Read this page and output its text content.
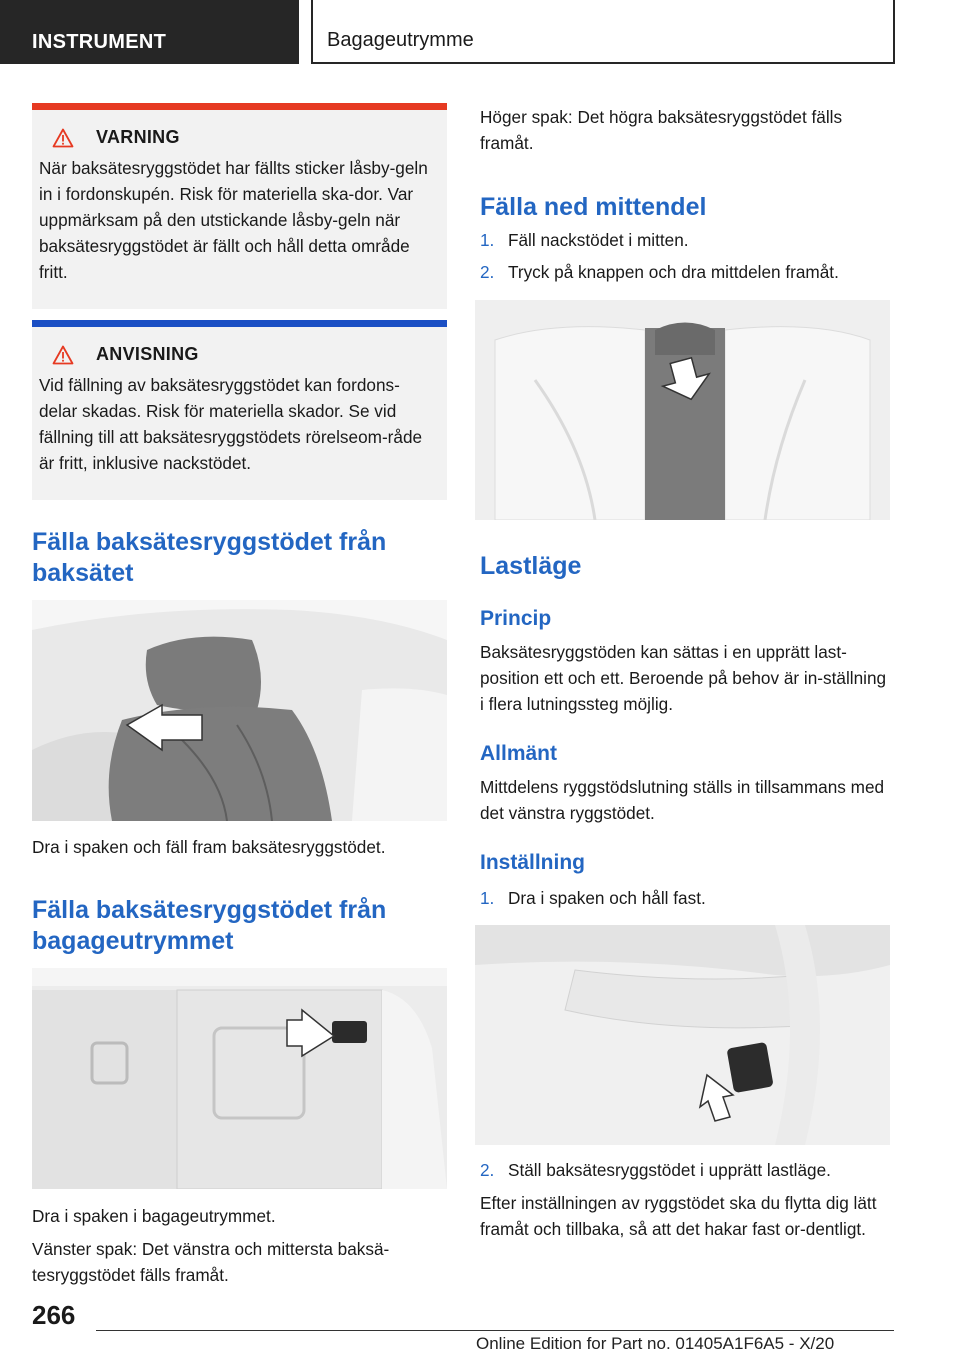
INSTRUMENT	Bagageutrymme
VARNING

När baksätesryggstödet har fällts sticker låsby-geln in i fordonskupén. Risk för materiella ska-dor. Var uppmärksam på den utstickande låsby-geln när baksätesryggstödet är fällt och håll detta område fritt.

ANVISNING

Vid fällning av baksätesryggstödet kan fordons-delar skadas. Risk för materiella skador. Se vid fällning till att baksätesryggstödets rörelseom-råde är fritt, inklusive nackstödet.

Fälla baksätesryggstödet från baksätet
Dra i spaken och fäll fram baksätesryggstödet.
Fälla baksätesryggstödet från bagageutrymmet
Dra i spaken i bagageutrymmet.
Vänster spak: Det vänstra och mittersta baksä-tesryggstödet fälls framåt.
Höger spak: Det högra baksätesryggstödet fälls framåt.
Fälla ned mittendel
1. Fäll nackstödet i mitten.
2. Tryck på knappen och dra mittdelen framåt.
Lastläge
Princip
Baksätesryggstöden kan sättas i en upprätt last-position ett och ett. Beroende på behov är in-ställning i flera lutningssteg möjlig.
Allmänt
Mittdelens ryggstödslutning ställs in tillsammans med det vänstra ryggstödet.
Inställning
1. Dra i spaken och håll fast.
2. Ställ baksätesryggstödet i upprätt lastläge.
Efter inställningen av ryggstödet ska du flytta dig lätt framåt och tillbaka, så att det hakar fast or-dentligt.
266
Online Edition for Part no. 01405A1F6A5 - X/20
